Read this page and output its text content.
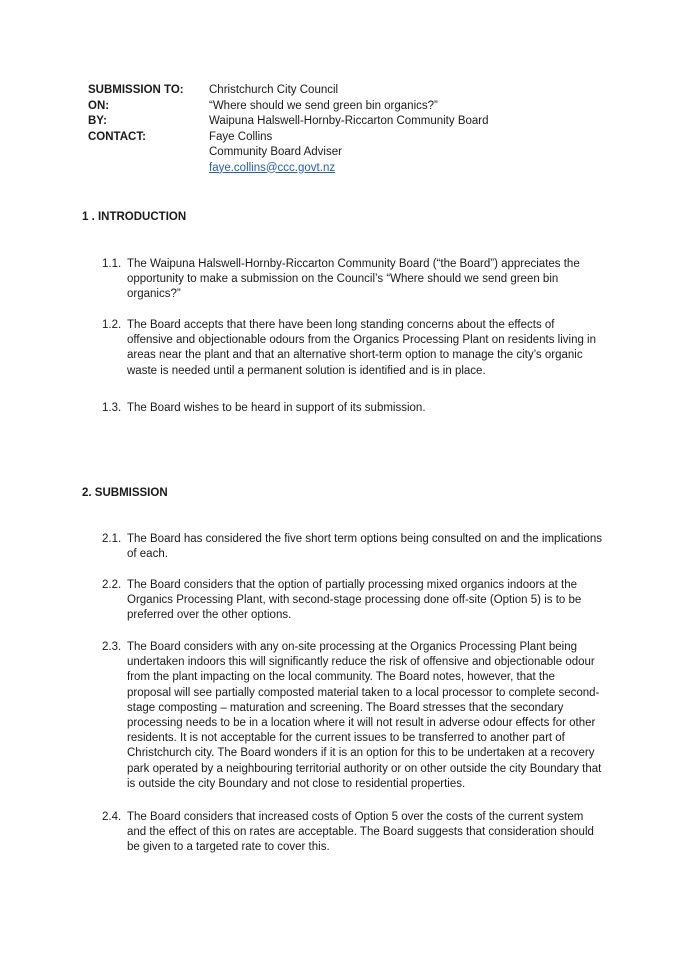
SUBMISSION TO:	Christchurch City Council
ON:	“Where should we send green bin organics?”
BY:	Waipuna Halswell-Hornby-Riccarton Community Board
CONTACT:	Faye Collins
Community Board Adviser
faye.collins@ccc.govt.nz
1 . INTRODUCTION
1.1. The Waipuna Halswell-Hornby-Riccarton Community Board (“the Board”) appreciates the opportunity to make a submission on the Council’s “Where should we send green bin organics?”
1.2. The Board accepts that there have been long standing concerns about the effects of offensive and objectionable odours from the Organics Processing Plant on residents living in areas near the plant and that an alternative short-term option to manage the city’s organic waste is needed until a permanent solution is identified and is in place.
1.3. The Board wishes to be heard in support of its submission.
2. SUBMISSION
2.1. The Board has considered the five short term options being consulted on and the implications of each.
2.2. The Board considers that the option of partially processing mixed organics indoors at the Organics Processing Plant, with second-stage processing done off-site (Option 5) is to be preferred over the other options.
2.3. The Board considers with any on-site processing at the Organics Processing Plant being undertaken indoors this will significantly reduce the risk of offensive and objectionable odour from the plant impacting on the local community. The Board notes, however, that the proposal will see partially composted material taken to a local processor to complete second-stage composting – maturation and screening. The Board stresses that the secondary processing needs to be in a location where it will not result in adverse odour effects for other residents. It is not acceptable for the current issues to be transferred to another part of Christchurch city. The Board wonders if it is an option for this to be undertaken at a recovery park operated by a neighbouring territorial authority or on other outside the city Boundary that is outside the city Boundary and not close to residential properties.
2.4. The Board considers that increased costs of Option 5 over the costs of the current system and the effect of this on rates are acceptable. The Board suggests that consideration should be given to a targeted rate to cover this.
